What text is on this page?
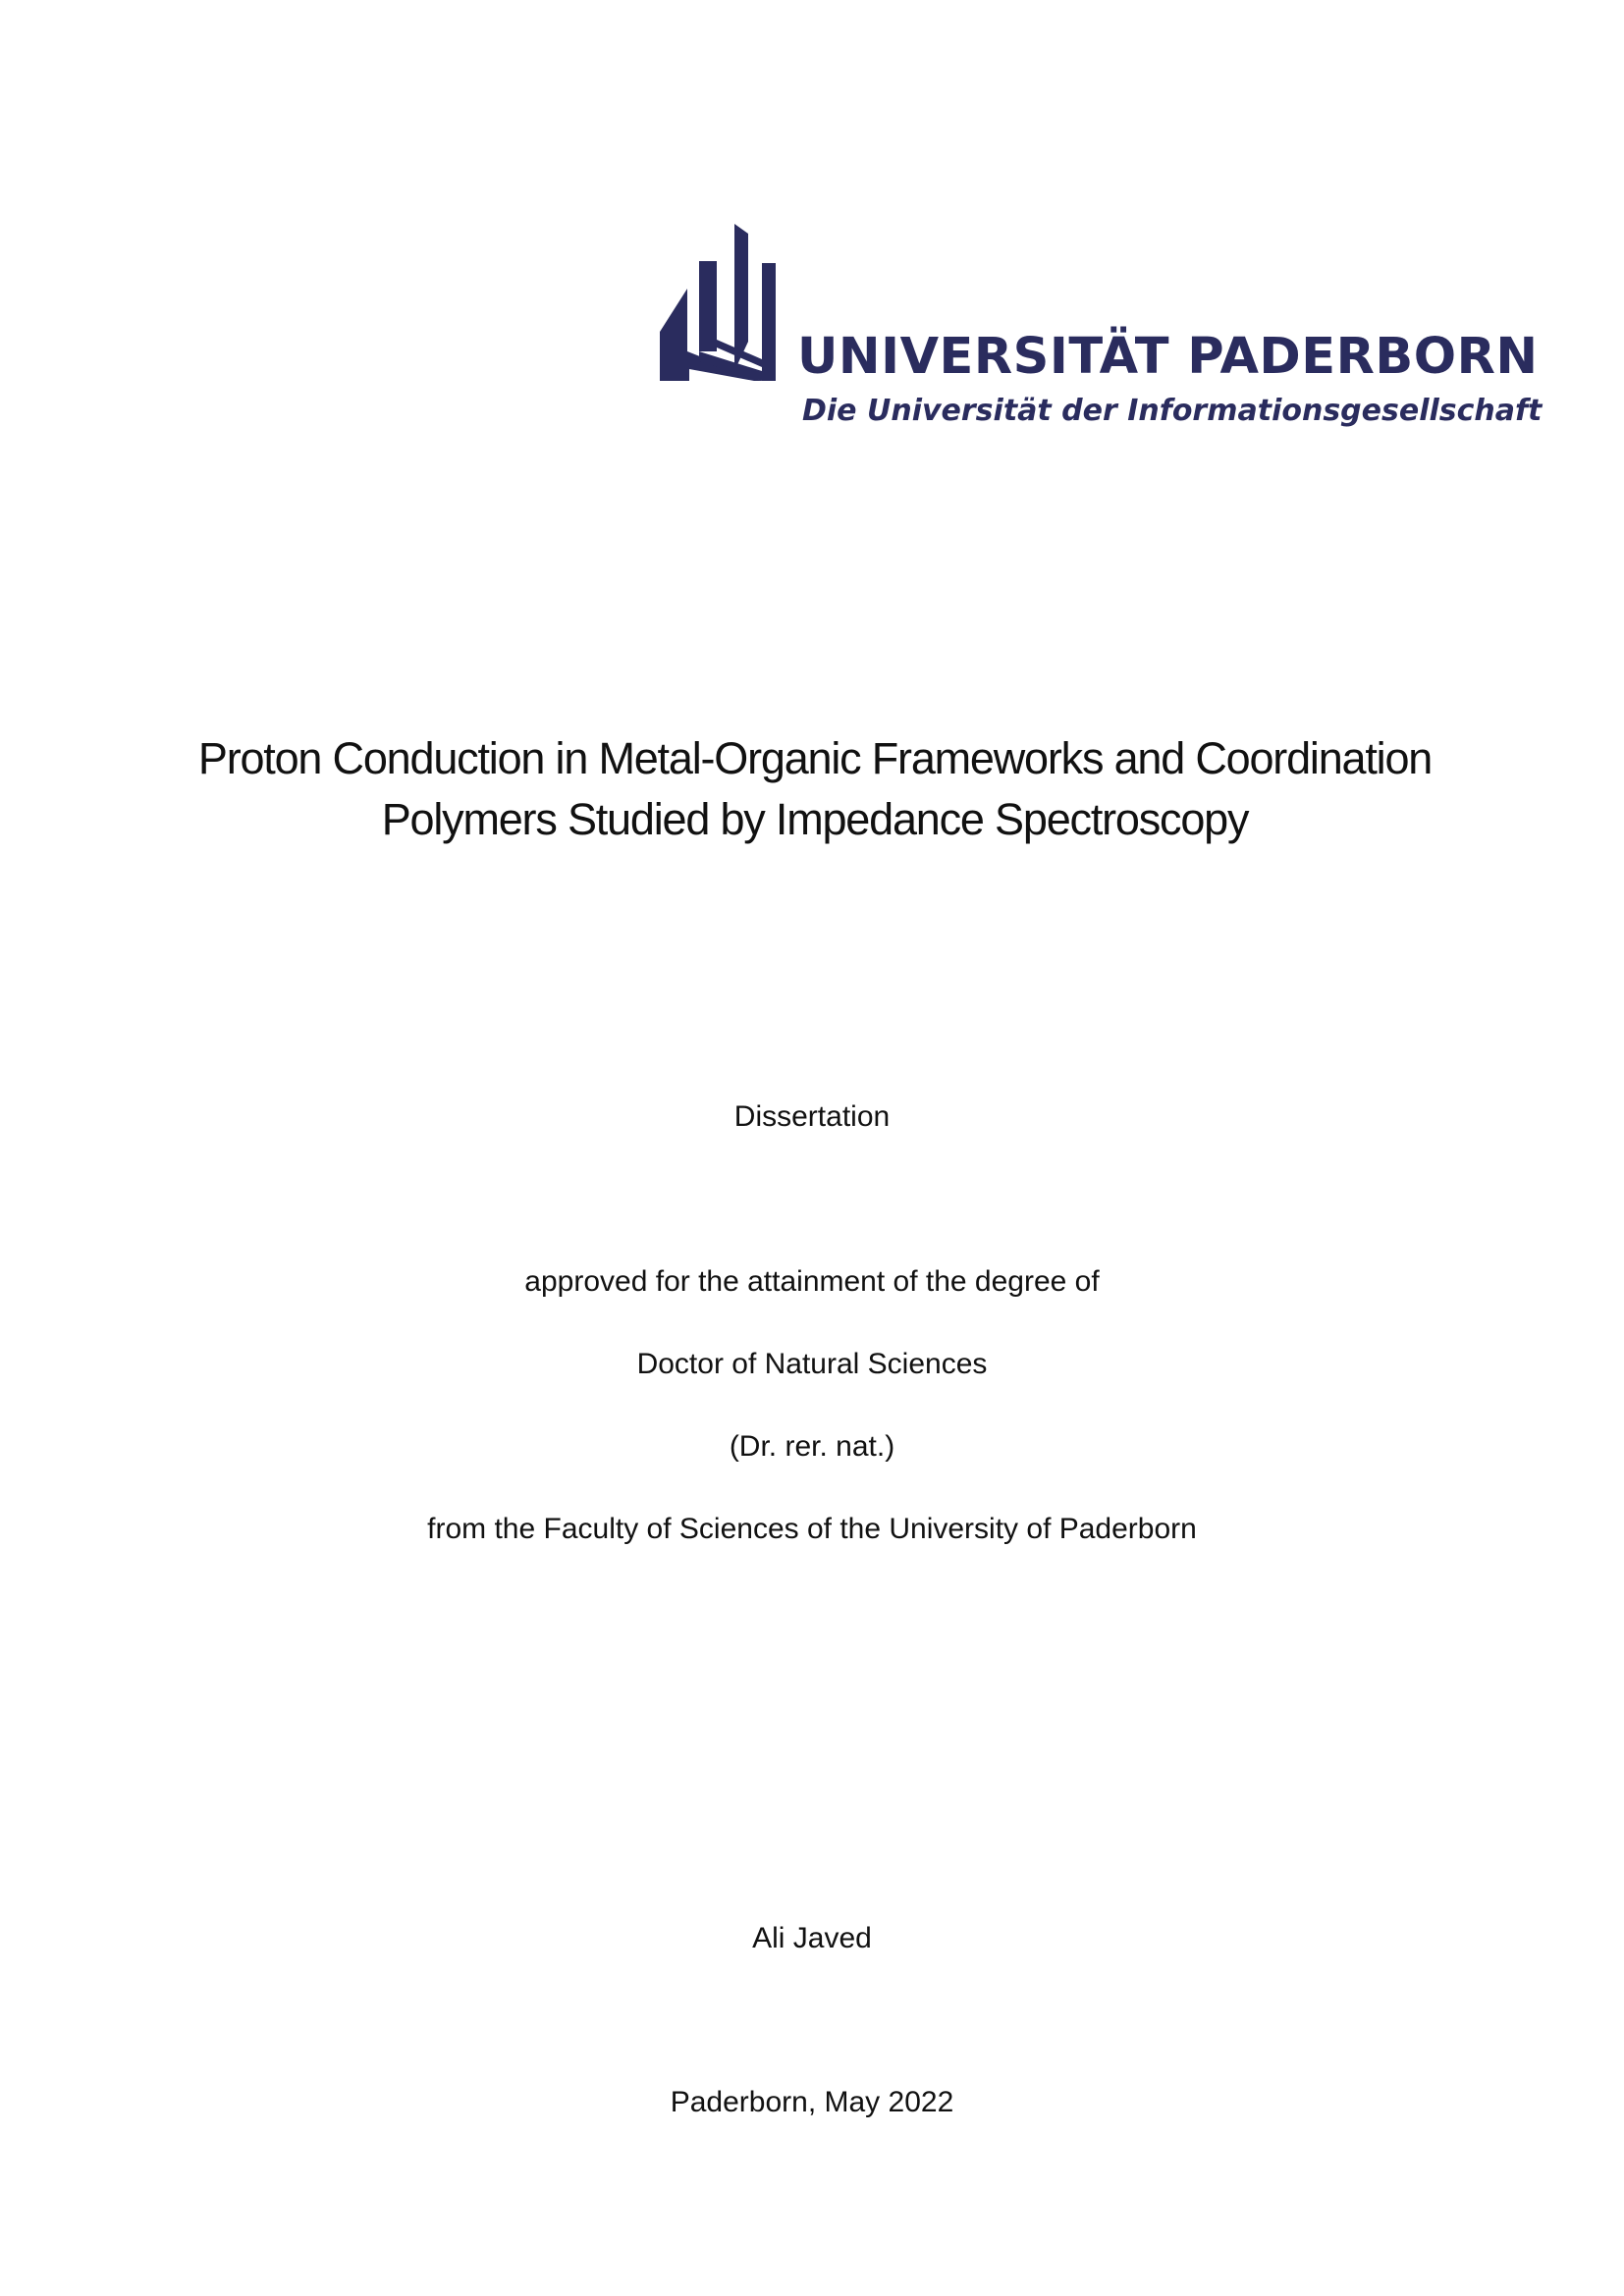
UNIVERSITÄT PADERBORN
Die Universität der Informationsgesellschaft
Proton Conduction in Metal-Organic Frameworks and Coordination
Polymers Studied by Impedance Spectroscopy
Dissertation
approved for the attainment of the degree of
Doctor of Natural Sciences
(Dr. rer. nat.)
from the Faculty of Sciences of the University of Paderborn
Ali Javed
Paderborn, May 2022
